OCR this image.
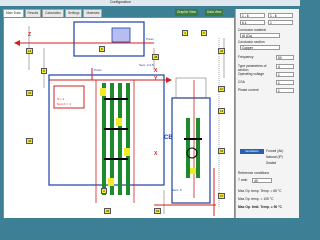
Configuration
Main Data	Results	Calculation	Settings	Materials	Graphic View	Data View
Z
X
Y
X
CB
Press
Press
Sent. 2,3,5
Sent. 5
N = 1
Nom h = 4
14
29
46
8
8
4
48
4	5
32
10
14
54
27
54
36
1 - 6	1 - 6
6.1	1
Conductor material
Al (Cu)
Conductor section
Copper
Frequency	50
Type parameters of section
4
Operating voltage	1
CSA	1
Phase current	1
Ventilation	Forced (Air)
Natural (IP)
Sealed
Reference conditions
T amb	40
Max Op. temp. Temp. = 65 °C
Max Op. temp. = 105 °C
Max Op. limit. Temp. = 90 °C
